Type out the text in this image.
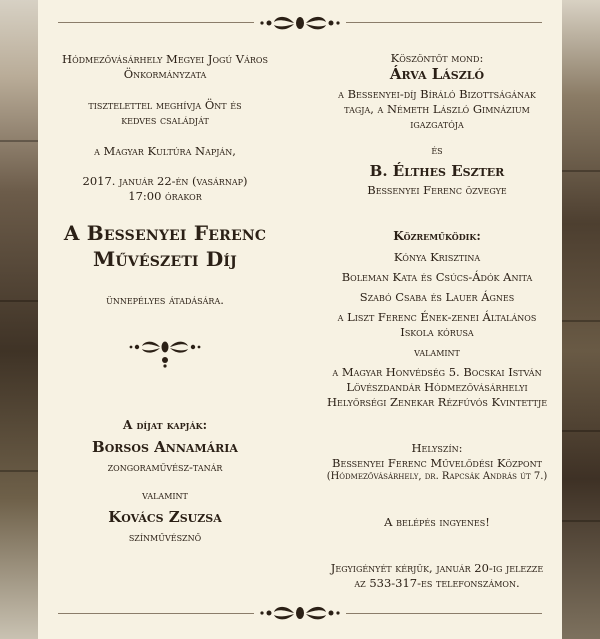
Hódmezővásárhely Megyei Jogú Város
Önkormányzata
tisztelettel meghívja Önt és
kedves családját
a Magyar Kultúra Napján,
2017. január 22-én (vasárnap)
17:00 órakor
A Bessenyei Ferenc
Művészeti Díj
ünnepélyes átadására.
A díjat kapják:
Borsos Annamária
zongoraművész-tanár
valamint
Kovács Zsuzsa
színművésznő
Köszöntőt mond:
Árva László
a Bessenyei-díj Bíráló Bizottságának
tagja, a Németh László Gimnázium
igazgatója
és
B. Élthes Eszter
Bessenyei Ferenc özvegye
Közreműködik:
Kónya Krisztina
Boleman Kata és Csúcs-Ádók Anita
Szabó Csaba és Lauer Ágnes
a Liszt Ferenc Ének-zenei Általános
Iskola kórusa
valamint
a Magyar Honvédség 5. Bocskai István
Lövészdandár Hódmezővásárhelyi
Helyőrségi Zenekar Rézfúvós Kvintettje
Helyszín:
Bessenyei Ferenc Művelődési Központ
(Hódmezővásárhely, dr. Rapcsák András út 7.)
A belépés ingyenes!
Jegyigényét kérjük, január 20-ig jelezze
az 533-317-es telefonszámon.
